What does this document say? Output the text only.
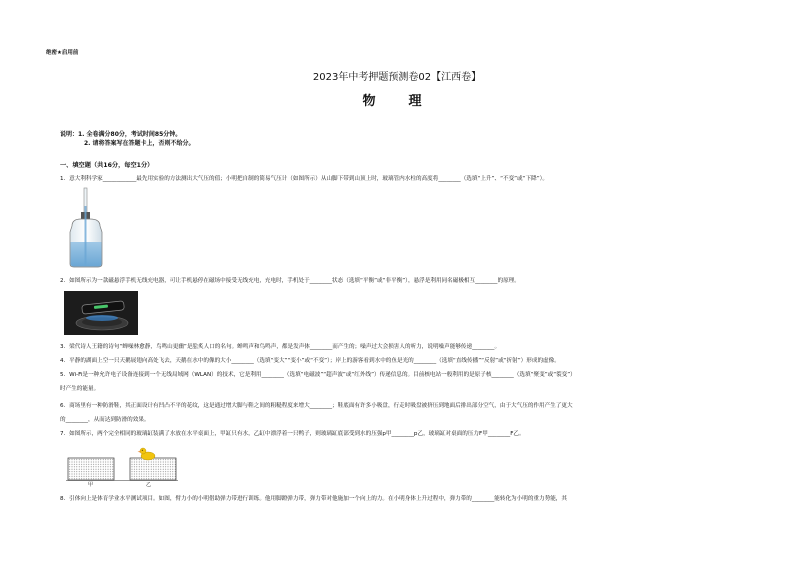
绝密★启用前
2023年中考押题预测卷02【江西卷】
物　理
说明：1. 全卷满分80分，考试时间85分钟。
2. 请将答案写在答题卡上，否则不给分。
一、填空题（共16分，每空1分）
1．意大利科学家____________最先用实验的方法测出大气压的值；小明把自制的简易气压计（如图所示）从山脚下带到山顶上时，玻璃管内水柱的高度将________（选填“上升”、“不变”或“下降”）。
2．如图所示为一款磁悬浮手机无线充电器，可让手机悬停在磁场中接受无线充电，充电时，手机处于________状态（选填“平衡”或“非平衡”），悬浮是利用同名磁极相互________的原理。
3．梁代诗人王籍的诗句“蝉噪林愈静，鸟鸣山更幽”是脍炙人口的名句。蝉鸣声和鸟鸣声，都是发声体________而产生的；噪声过大会损害人的听力，说明噪声能够传递________。
4．平静的湖面上空一只天鹅展翅向高处飞去，天鹅在水中的像的大小________（选填“变大”“变小”或“不变”）；岸上的游客看到水中的鱼是光的________（选填“直线传播”“反射”或“折射”）形成的虚像。
5．Wi-Fi是一种允许电子设备连接到一个无线局域网（WLAN）的技术，它是利用________（选填“电磁波”“超声波”或“红外线”）传递信息的。目前核电站一般利用的是原子核________（选填“聚变”或“裂变”）
时产生的能量。
6．商场里有一种防滑鞋，其正面设计有凹凸不平的花纹，这是通过增大脚与鞋之间的粗糙程度来增大________；鞋底面有许多小吸盘，行走时吸盘被挤压到地面后排出部分空气，由于大气压的作用产生了更大
的________，从而达到防滑的效果。
7．如图所示，两个完全相同的玻璃缸装满了水放在水平桌面上，甲缸只有水，乙缸中漂浮着一只鸭子，则玻璃缸底部受到水的压强p甲________p乙，玻璃缸对桌面的压力F甲________F乙。
甲	乙
8．引体向上是体育学业水平测试项目。如图，臂力小的小明借助弹力带进行训练。他用脚蹬弹力带，弹力带对他施加一个向上的力。在小明身体上升过程中，弹力带的________能转化为小明的重力势能，其
